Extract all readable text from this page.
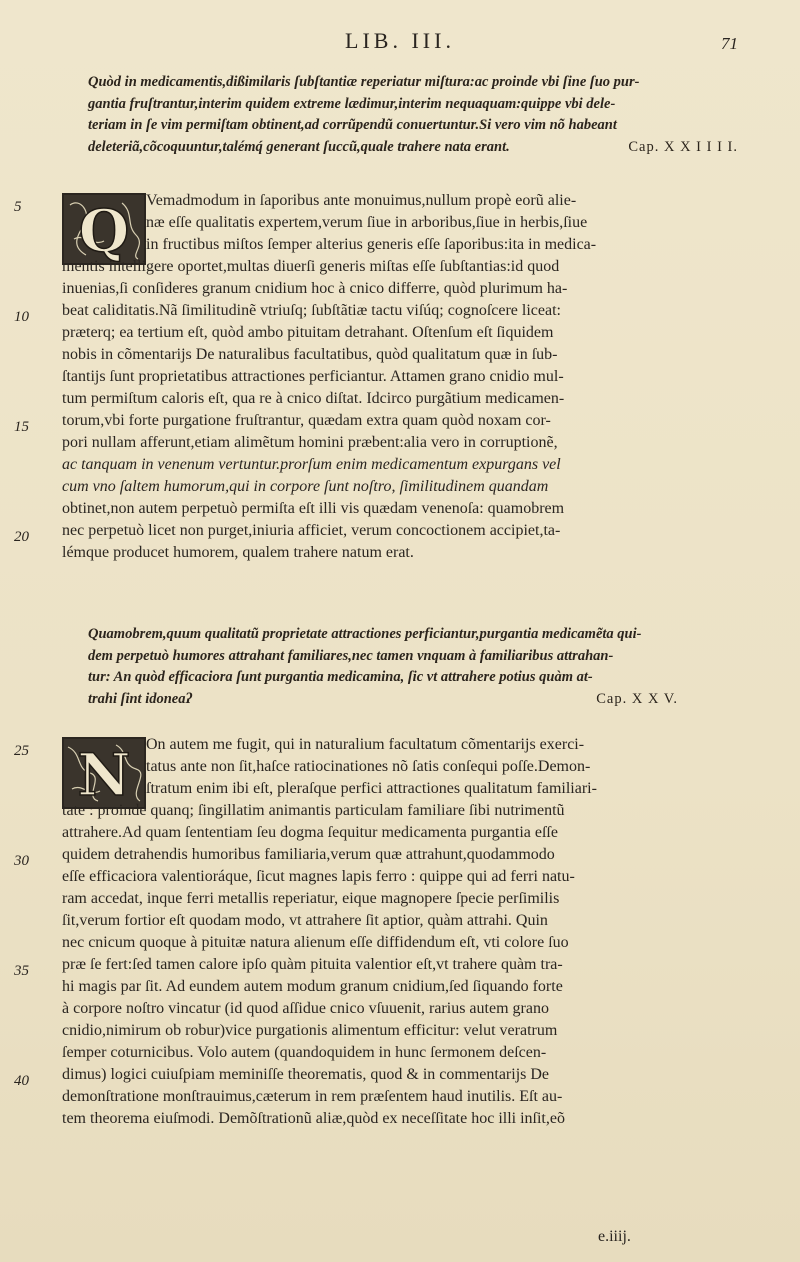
LIB. III.	71
Quòd in medicamentis,dißimilaris ſubſtantiæ reperiatur miſtura:ac proinde vbi ſine ſuo pur-
gantia fruſtrantur,interim quidem extreme lædimur,interim nequaquam:quippe vbi dele-
teriam in ſe vim permiſtam obtinent,ad corrũpendũ conuertuntur.Si vero vim nõ habeant
deleteriã,cõcoquuntur,talémq́ generant ſuccũ,quale trahere nata erant.	Cap. X X I I I I.
5
10
15
20
Q	Vemadmodum in ſaporibus ante monuimus,nullum propè eorũ alie-
næ eſſe qualitatis expertem,verum ſiue in arboribus,ſiue in herbis,ſiue
in fructibus miſtos ſemper alterius generis eſſe ſaporibus:ita in medica-
mentis intelligere oportet,multas diuerſi generis miſtas eſſe ſubſtantias:id quod
inuenias,ſi conſideres granum cnidium hoc à cnico differre, quòd plurimum ha-
beat caliditatis.Nã ſimilitudinẽ vtriuſq; ſubſtãtiæ tactu viſúq; cognoſcere liceat:
præterq; ea tertium eſt, quòd ambo pituitam detrahant. Oſtenſum eſt ſiquidem
nobis in cõmentarijs De naturalibus facultatibus, quòd qualitatum quæ in ſub-
ſtantijs ſunt proprietatibus attractiones perficiantur. Attamen grano cnidio mul-
tum permiſtum caloris eſt, qua re à cnico diſtat. Idcirco purgãtium medicamen-
torum,vbi forte purgatione fruſtrantur, quædam extra quam quòd noxam cor-
pori nullam afferunt,etiam alimẽtum homini præbent:alia vero in corruptionẽ,
ac tanquam in venenum vertuntur.prorſum enim medicamentum expurgans vel
cum vno ſaltem humorum,qui in corpore ſunt noſtro, ſimilitudinem quandam
obtinet,non autem perpetuò permiſta eſt illi vis quædam venenoſa: quamobrem
nec perpetuò licet non purget,iniuria afficiet, verum concoctionem accipiet,ta-
lémque producet humorem, qualem trahere natum erat.
Quamobrem,quum qualitatũ proprietate attractiones perficiantur,purgantia medicamẽta qui-
dem perpetuò humores attrahant familiares,nec tamen vnquam à familiaribus attrahan-
tur: An quòd efficaciora ſunt purgantia medicamina, ſic vt attrahere potius quàm at-
trahi ſint idoneaʔ	Cap. X X V.
25
30
35
40
N On autem me fugit, qui in naturalium facultatum cõmentarijs exerci-
tatus ante non ſit,haſce ratiocinationes nõ ſatis conſequi poſſe.Demon-
ſtratum enim ibi eſt, pleraſque perfici attractiones qualitatum familiari-
tate : proinde quanq; ſingillatim animantis particulam familiare ſibi nutrimentũ
attrahere.Ad quam ſententiam ſeu dogma ſequitur medicamenta purgantia eſſe
quidem detrahendis humoribus familiaria,verum quæ attrahunt,quodammodo
eſſe efficaciora valentioráque, ſicut magnes lapis ferro : quippe qui ad ferri natu-
ram accedat, inque ferri metallis reperiatur, eique magnopere ſpecie perſimilis
ſit,verum fortior eſt quodam modo, vt attrahere ſit aptior, quàm attrahi. Quin
nec cnicum quoque à pituitæ natura alienum eſſe diffidendum eſt, vti colore ſuo
præ ſe fert:ſed tamen calore ipſo quàm pituita valentior eſt,vt trahere quàm tra-
hi magis par ſit. Ad eundem autem modum granum cnidium,ſed ſiquando forte
à corpore noſtro vincatur (id quod aſſidue cnico vſuuenit, rarius autem grano
cnidio,nimirum ob robur)vice purgationis alimentum efficitur: velut veratrum
ſemper coturnicibus. Volo autem (quandoquidem in hunc ſermonem deſcen-
dimus) logici cuiuſpiam meminiſſe theorematis, quod & in commentarijs De
demonſtratione monſtrauimus,cæterum in rem præſentem haud inutilis. Eſt au-
tem theorema eiuſmodi. Demõſtrationũ aliæ,quòd ex neceſſitate hoc illi inſit,eõ
e.iiij.
